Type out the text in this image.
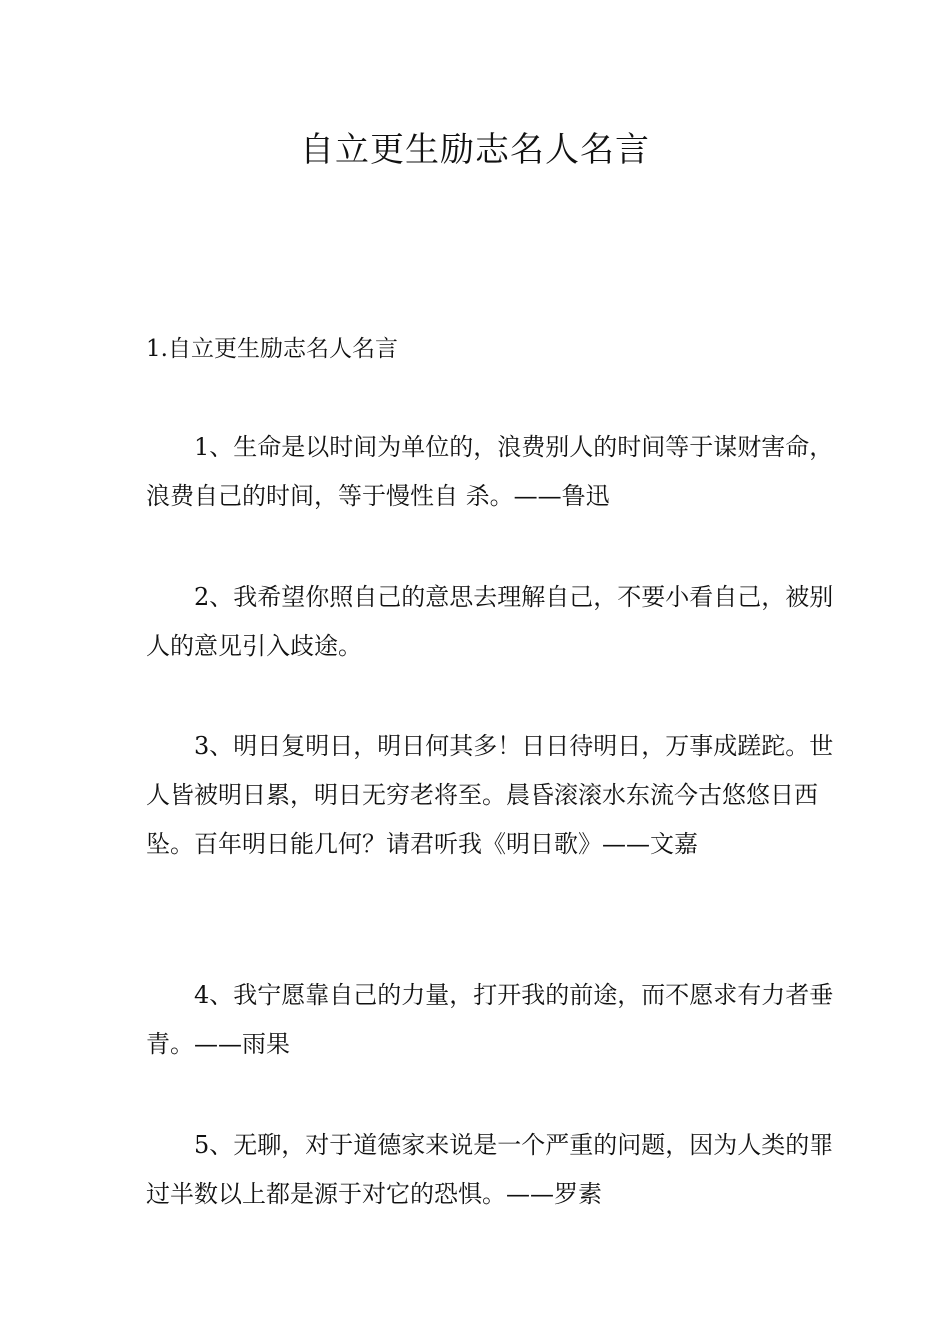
自立更生励志名人名言
1.自立更生励志名人名言

1、生命是以时间为单位的，浪费别人的时间等于谋财害命，浪费自己的时间，等于慢性自 杀。——鲁迅

2、我希望你照自己的意思去理解自己，不要小看自己，被别人的意见引入歧途。

3、明日复明日，明日何其多！日日待明日，万事成蹉跎。世人皆被明日累，明日无穷老将至。晨昏滚滚水东流今古悠悠日西坠。百年明日能几何？请君听我《明日歌》——文嘉

4、我宁愿靠自己的力量，打开我的前途，而不愿求有力者垂青。——雨果

5、无聊，对于道德家来说是一个严重的问题，因为人类的罪过半数以上都是源于对它的恐惧。——罗素
